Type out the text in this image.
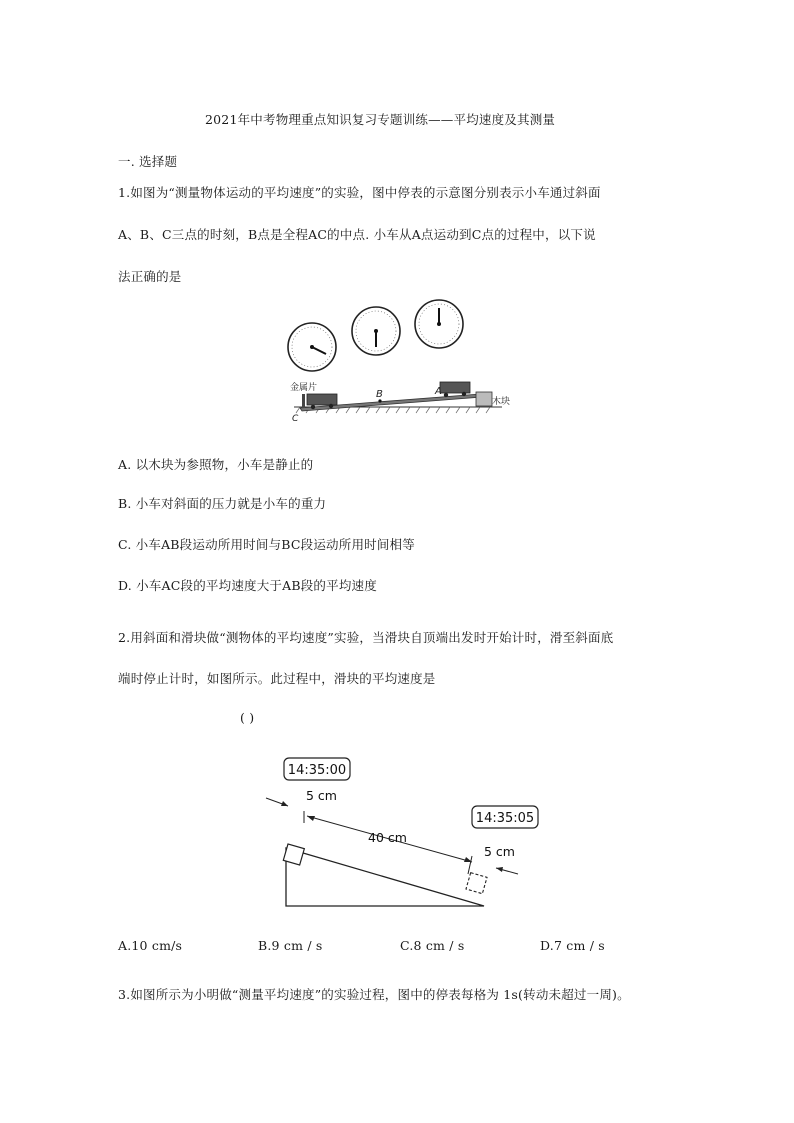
2021年中考物理重点知识复习专题训练——平均速度及其测量
一. 选择题
1.如图为“测量物体运动的平均速度”的实验，图中停表的示意图分别表示小车通过斜面
A、B、C三点的时刻，B点是全程AC的中点. 小车从A点运动到C点的过程中，以下说
法正确的是
金属片
B	A
C
木块
A. 以木块为参照物，小车是静止的
B. 小车对斜面的压力就是小车的重力
C. 小车AB段运动所用时间与BC段运动所用时间相等
D. 小车AC段的平均速度大于AB段的平均速度
2.用斜面和滑块做“测物体的平均速度”实验，当滑块自顶端出发时开始计时，滑至斜面底
端时停止计时，如图所示。此过程中，滑块的平均速度是
( )
14:35:00
14:35:05
5 cm
40 cm
5 cm
A.10 cm/s	B.9 cm / s	C.8 cm / s	D.7 cm / s
3.如图所示为小明做“测量平均速度”的实验过程，图中的停表每格为 1s(转动未超过一周)。
